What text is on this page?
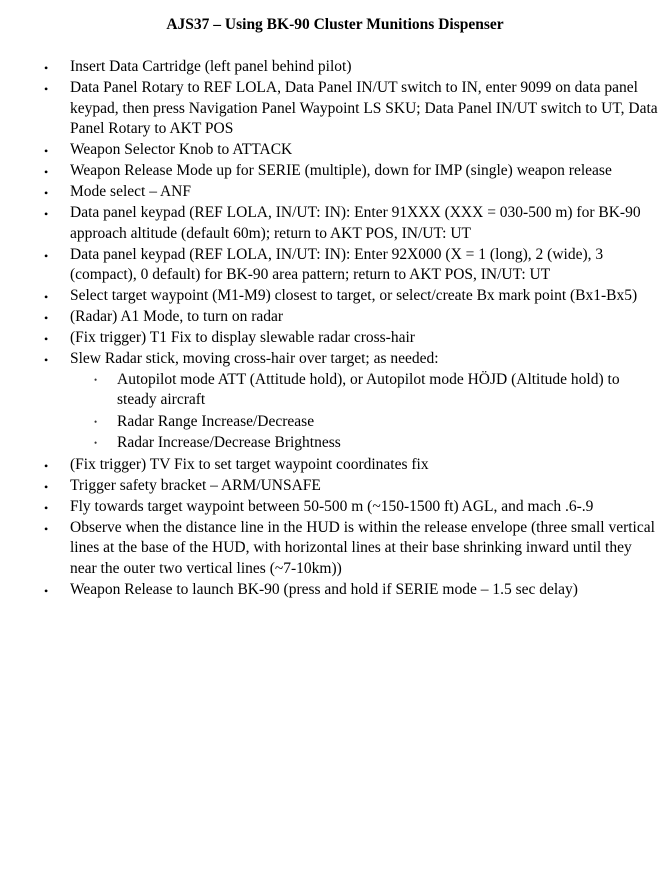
AJS37 – Using BK-90 Cluster Munitions Dispenser
• Insert Data Cartridge (left panel behind pilot)
• Data Panel Rotary to REF LOLA, Data Panel IN/UT switch to IN, enter 9099 on data panel keypad, then press Navigation Panel Waypoint LS SKU; Data Panel IN/UT switch to UT, Data Panel Rotary to AKT POS
• Weapon Selector Knob to ATTACK
• Weapon Release Mode up for SERIE (multiple), down for IMP (single) weapon release
• Mode select – ANF
• Data panel keypad (REF LOLA, IN/UT: IN): Enter 91XXX (XXX = 030-500 m) for BK-90 approach altitude (default 60m); return to AKT POS, IN/UT: UT
• Data panel keypad (REF LOLA, IN/UT: IN): Enter 92X000 (X = 1 (long), 2 (wide), 3 (compact), 0 default) for BK-90 area pattern; return to AKT POS, IN/UT: UT
• Select target waypoint (M1-M9) closest to target, or select/create Bx mark point (Bx1-Bx5)
• (Radar) A1 Mode, to turn on radar
• (Fix trigger) T1 Fix to display slewable radar cross-hair
• Slew Radar stick, moving cross-hair over target; as needed:
• Autopilot mode ATT (Attitude hold), or Autopilot mode HÖJD (Altitude hold) to steady aircraft
• Radar Range Increase/Decrease
• Radar Increase/Decrease Brightness
• (Fix trigger) TV Fix to set target waypoint coordinates fix
• Trigger safety bracket – ARM/UNSAFE
• Fly towards target waypoint between 50-500 m (~150-1500 ft) AGL, and mach .6-.9
• Observe when the distance line in the HUD is within the release envelope (three small vertical lines at the base of the HUD, with horizontal lines at their base shrinking inward until they near the outer two vertical lines (~7-10km))
• Weapon Release to launch BK-90 (press and hold if SERIE mode – 1.5 sec delay)
